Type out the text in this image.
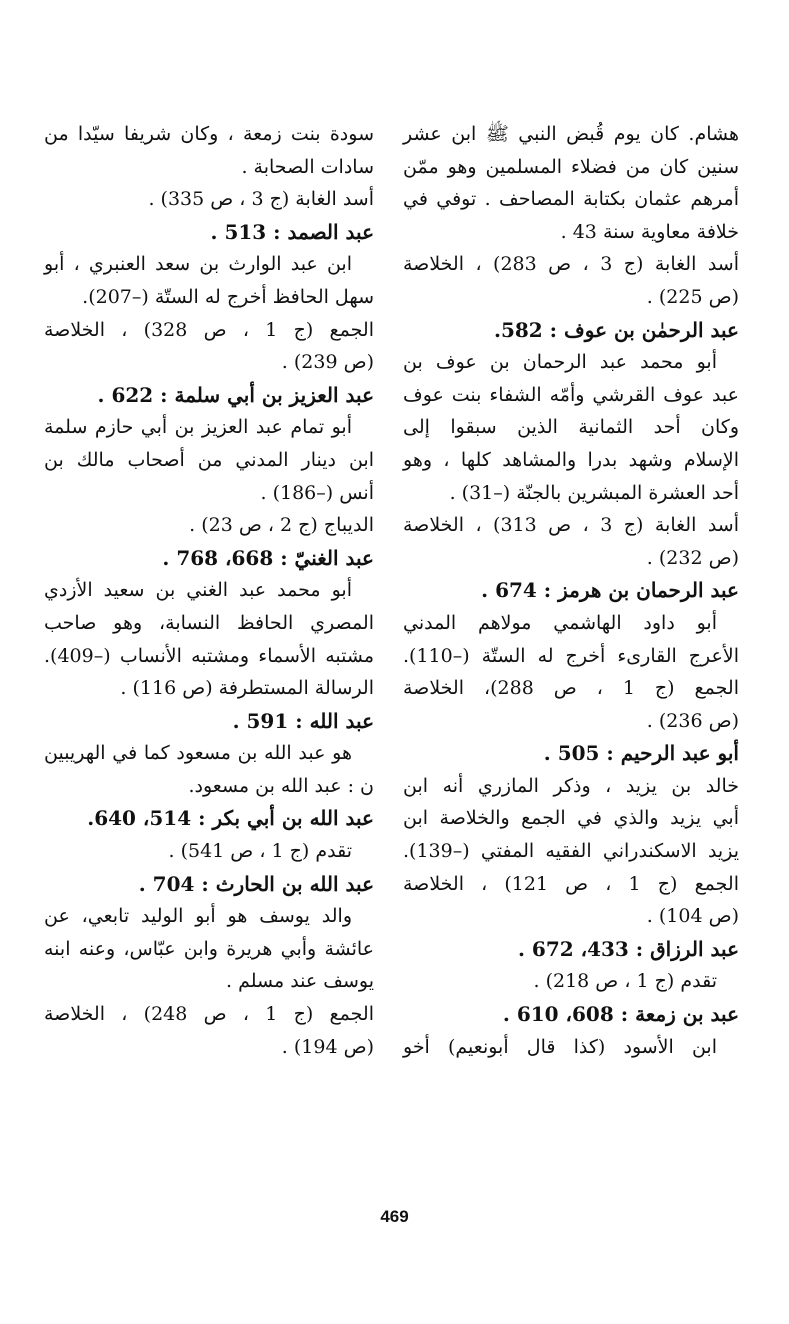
هشام. كان يوم قُبض النبي ﷺ ابن عشر
سنين كان من فضلاء المسلمين وهو ممّن
أمرهم عثمان بكتابة المصاحف . توفي في
خلافة معاوية سنة 43 .
أسد الغابة (ج 3 ، ص 283) ، الخلاصة
(ص 225) .
عبد الرحمٰن بن عوف : 582.
أبو محمد عبد الرحمان بن عوف بن
عبد عوف القرشي وأمّه الشفاء بنت عوف
وكان أحد الثمانية الذين سبقوا إلى
الإسلام وشهد بدرا والمشاهد كلها ، وهو
أحد العشرة المبشرين بالجنّة (–31) .
أسد الغابة (ج 3 ، ص 313) ، الخلاصة
(ص 232) .
عبد الرحمان بن هرمز : 674 .
أبو داود الهاشمي مولاهم المدني
الأعرج القارىء أخرج له الستّة (–110).
الجمع (ج 1 ، ص 288)، الخلاصة
(ص 236) .
أبو عبد الرحيم : 505 .
خالد بن يزيد ، وذكر المازري أنه ابن
أبي يزيد والذي في الجمع والخلاصة ابن
يزيد الاسكندراني الفقيه المفتي (–139).
الجمع (ج 1 ، ص 121) ، الخلاصة
(ص 104) .
عبد الرزاق : 433، 672 .
تقدم (ج 1 ، ص 218) .
عبد بن زمعة : 608، 610 .
ابن الأسود (كذا قال أبونعيم) أخو
سودة بنت زمعة ، وكان شريفا سيّدا من
سادات الصحابة .
أسد الغابة (ج 3 ، ص 335) .
عبد الصمد : 513 .
ابن عبد الوارث بن سعد العنبري ، أبو
سهل الحافظ أخرج له الستّة (–207).
الجمع (ج 1 ، ص 328) ، الخلاصة
(ص 239) .
عبد العزيز بن أبي سلمة : 622 .
أبو تمام عبد العزيز بن أبي حازم سلمة
ابن دينار المدني من أصحاب مالك بن
أنس (–186) .
الديباج (ج 2 ، ص 23) .
عبد الغنيّ : 668، 768 .
أبو محمد عبد الغني بن سعيد الأزدي
المصري الحافظ النسابة، وهو صاحب
مشتبه الأسماء ومشتبه الأنساب (–409).
الرسالة المستطرفة (ص 116) .
عبد الله : 591 .
هو عبد الله بن مسعود كما في الهريبين
ن : عبد الله بن مسعود.
عبد الله بن أبي بكر : 514، 640.
تقدم (ج 1 ، ص 541) .
عبد الله بن الحارث : 704 .
والد يوسف هو أبو الوليد تابعي، عن
عائشة وأبي هريرة وابن عبّاس، وعنه ابنه
يوسف عند مسلم .
الجمع (ج 1 ، ص 248) ، الخلاصة
(ص 194) .
469
